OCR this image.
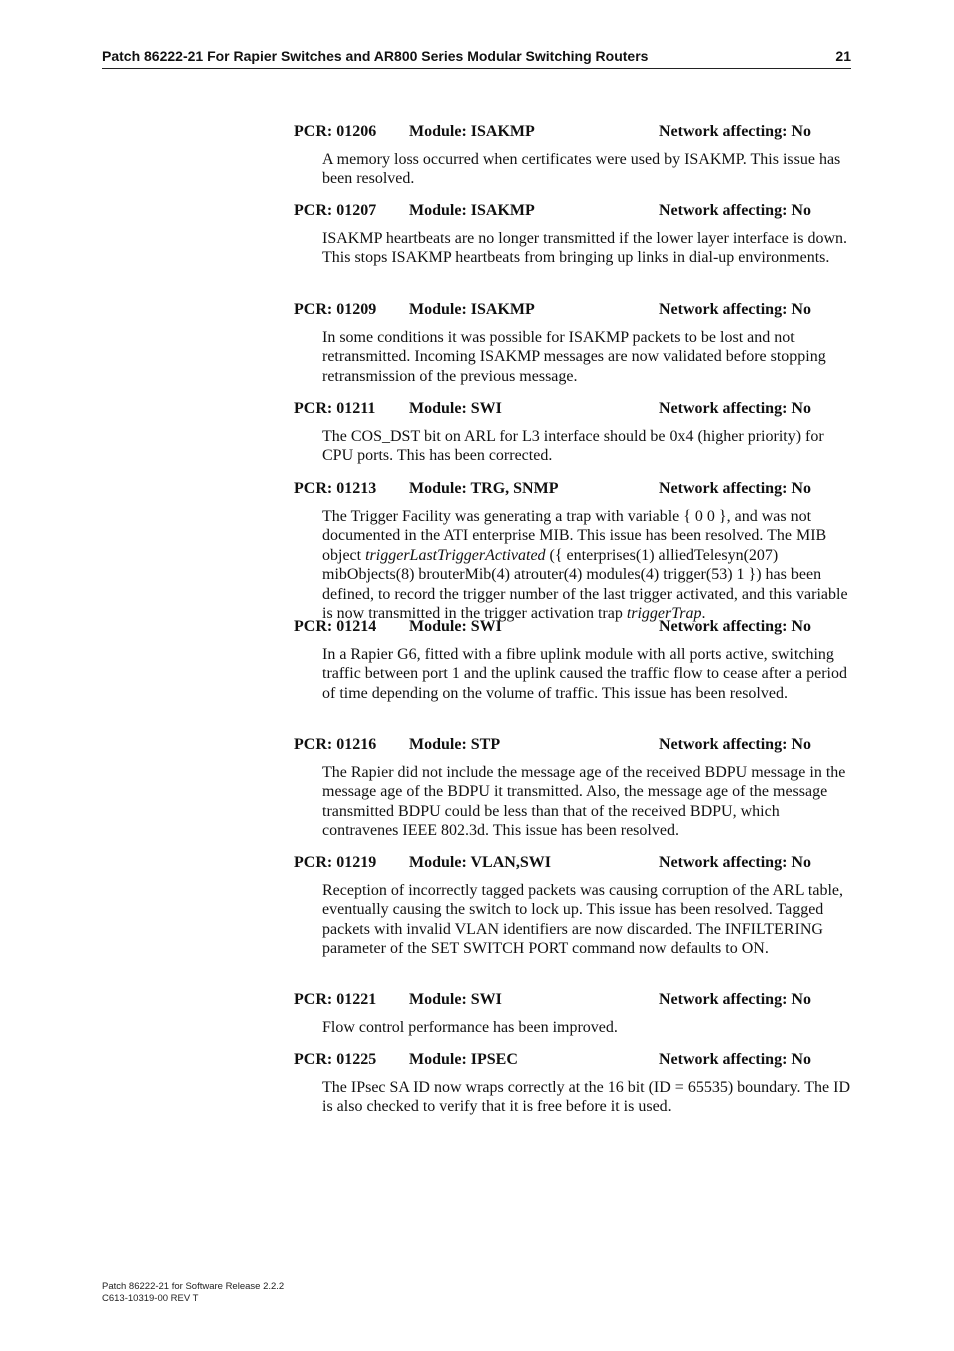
Patch 86222-21 For Rapier Switches and AR800 Series Modular Switching Routers	21
PCR: 01206 Module: ISAKMP	Network affecting: No

A memory loss occurred when certificates were used by ISAKMP. This issue has been resolved.

PCR: 01207 Module: ISAKMP	Network affecting: No

ISAKMP heartbeats are no longer transmitted if the lower layer interface is down. This stops ISAKMP heartbeats from bringing up links in dial-up environments.

PCR: 01209 Module: ISAKMP	Network affecting: No

In some conditions it was possible for ISAKMP packets to be lost and not retransmitted. Incoming ISAKMP messages are now validated before stopping retransmission of the previous message.

PCR: 01211 Module: SWI	Network affecting: No

The COS_DST bit on ARL for L3 interface should be 0x4 (higher priority) for CPU ports. This has been corrected.

PCR: 01213 Module: TRG, SNMP	Network affecting: No

The Trigger Facility was generating a trap with variable { 0 0 }, and was not documented in the ATI enterprise MIB. This issue has been resolved. The MIB object triggerLastTriggerActivated ({ enterprises(1) alliedTelesyn(207) mibObjects(8) brouterMib(4) atrouter(4) modules(4) trigger(53) 1 }) has been defined, to record the trigger number of the last trigger activated, and this variable is now transmitted in the trigger activation trap triggerTrap.

PCR: 01214 Module: SWI	Network affecting: No

In a Rapier G6, fitted with a fibre uplink module with all ports active, switching traffic between port 1 and the uplink caused the traffic flow to cease after a period of time depending on the volume of traffic. This issue has been resolved.

PCR: 01216 Module: STP	Network affecting: No

The Rapier did not include the message age of the received BDPU message in the message age of the BDPU it transmitted. Also, the message age of the message transmitted BDPU could be less than that of the received BDPU, which contravenes IEEE 802.3d. This issue has been resolved.

PCR: 01219 Module: VLAN,SWI	Network affecting: No

Reception of incorrectly tagged packets was causing corruption of the ARL table, eventually causing the switch to lock up. This issue has been resolved. Tagged packets with invalid VLAN identifiers are now discarded. The INFILTERING parameter of the SET SWITCH PORT command now defaults to ON.

PCR: 01221 Module: SWI	Network affecting: No

Flow control performance has been improved.

PCR: 01225 Module: IPSEC	Network affecting: No

The IPsec SA ID now wraps correctly at the 16 bit (ID = 65535) boundary. The ID is also checked to verify that it is free before it is used.

Patch 86222-21 for Software Release 2.2.2
C613-10319-00 REV T
